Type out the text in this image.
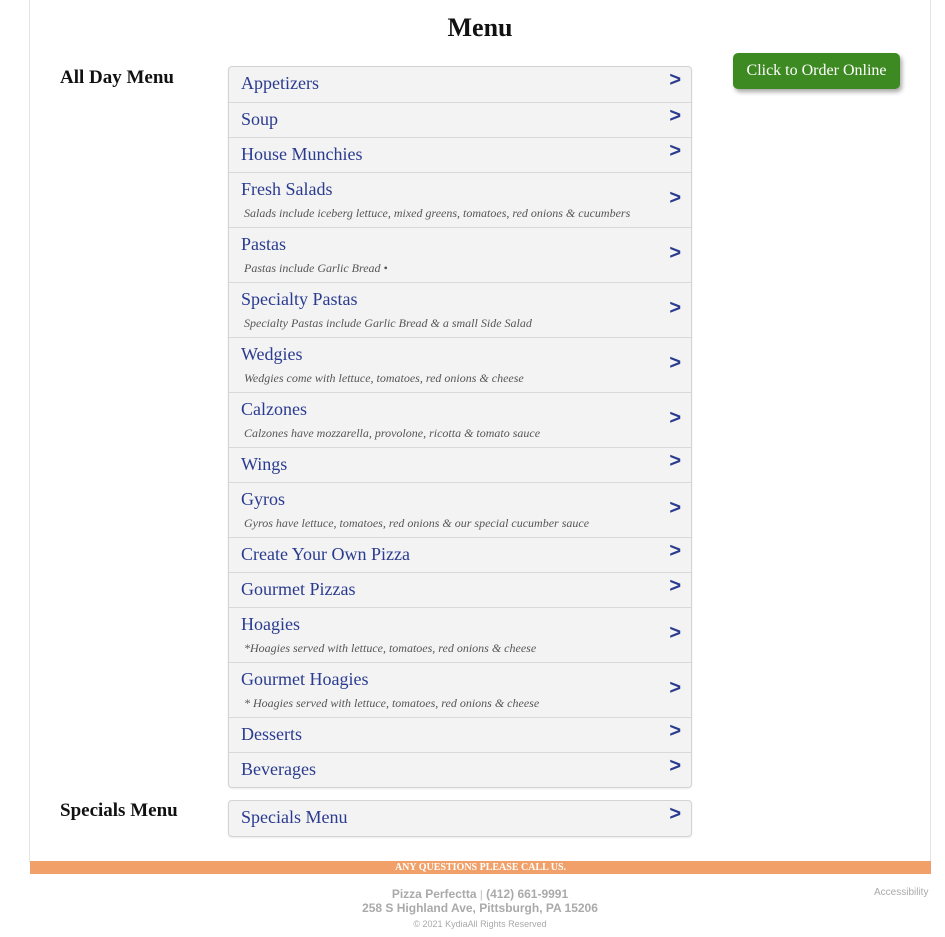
Menu
All Day Menu	Appetizers	>
Soup	>
House Munchies	>
Fresh Salads
Salads include iceberg lettuce, mixed greens, tomatoes, red onions & cucumbers
>
Pastas
Pastas include Garlic Bread •
>
Specialty Pastas
Specialty Pastas include Garlic Bread & a small Side Salad
>
Wedgies
Wedgies come with lettuce, tomatoes, red onions & cheese
>
Calzones
Calzones have mozzarella, provolone, ricotta & tomato sauce
>
Wings	>
Gyros
Gyros have lettuce, tomatoes, red onions & our special cucumber sauce
>
Create Your Own Pizza	>
Gourmet Pizzas	>
Hoagies
*Hoagies served with lettuce, tomatoes, red onions & cheese
>
Gourmet Hoagies
* Hoagies served with lettuce, tomatoes, red onions & cheese
>
Desserts	>
Beverages	>
Specials Menu	Specials Menu	>
Click to Order Online
ANY QUESTIONS PLEASE CALL US.
Pizza Perfectta | (412) 661-9991
258 S Highland Ave, Pittsburgh, PA 15206
© 2021 KydiaAll Rights Reserved
Accessibility
